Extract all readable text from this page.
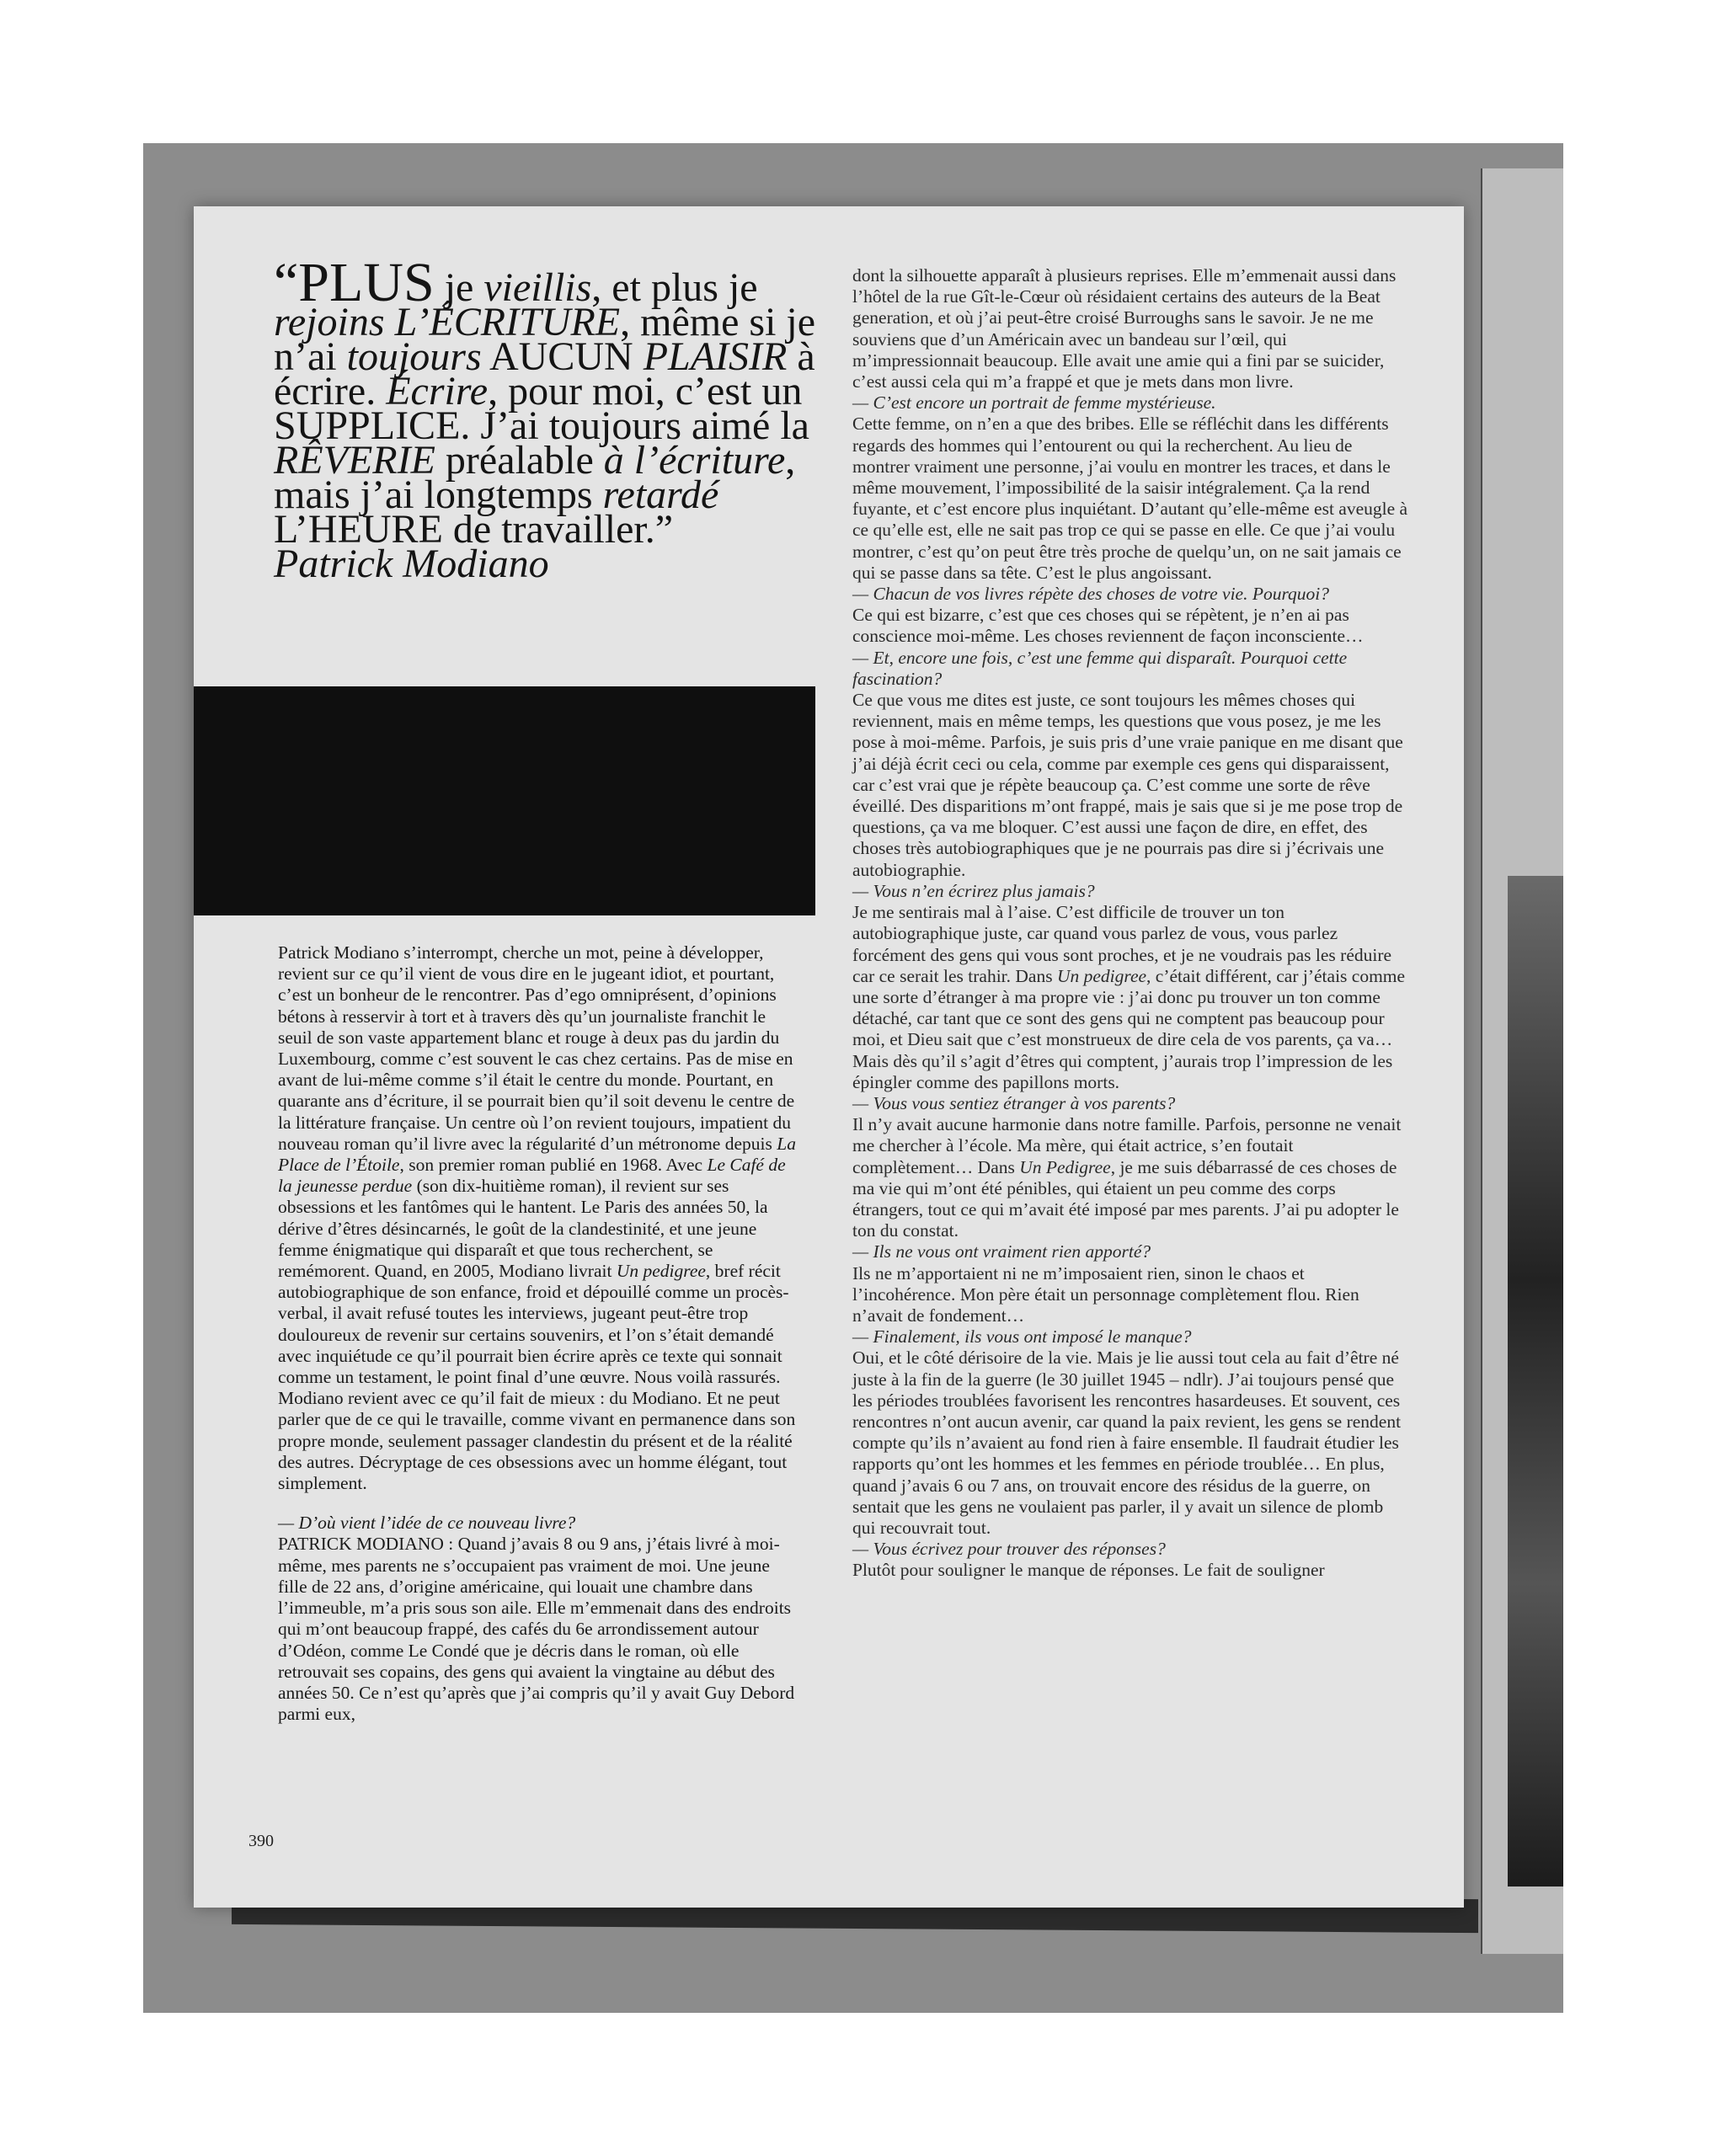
“PLUS je vieillis, et plus je rejoins L’ÉCRITURE, même si je n’ai toujours AUCUN PLAISIR à écrire. Écrire, pour moi, c’est un SUPPLICE. J’ai toujours aimé la RÊVERIE préalable à l’écriture, mais j’ai longtemps retardé L’HEURE de travailler.”
Patrick Modiano

Patrick Modiano s’interrompt, cherche un mot, peine à développer, revient sur ce qu’il vient de vous dire en le jugeant idiot, et pourtant, c’est un bonheur de le rencontrer. Pas d’ego omniprésent, d’opinions bétons à resservir à tort et à travers dès qu’un journaliste franchit le seuil de son vaste appartement blanc et rouge à deux pas du jardin du Luxembourg, comme c’est souvent le cas chez certains. Pas de mise en avant de lui-même comme s’il était le centre du monde. Pourtant, en quarante ans d’écriture, il se pourrait bien qu’il soit devenu le centre de la littérature française. Un centre où l’on revient toujours, impatient du nouveau roman qu’il livre avec la régularité d’un métronome depuis La Place de l’Étoile, son premier roman publié en 1968. Avec Le Café de la jeunesse perdue (son dix-huitième roman), il revient sur ses obsessions et les fantômes qui le hantent. Le Paris des années 50, la dérive d’êtres désincarnés, le goût de la clandestinité, et une jeune femme énigmatique qui disparaît et que tous recherchent, se remémorent. Quand, en 2005, Modiano livrait Un pedigree, bref récit autobiographique de son enfance, froid et dépouillé comme un procès-verbal, il avait refusé toutes les interviews, jugeant peut-être trop douloureux de revenir sur certains souvenirs, et l’on s’était demandé avec inquiétude ce qu’il pourrait bien écrire après ce texte qui sonnait comme un testament, le point final d’une œuvre. Nous voilà rassurés. Modiano revient avec ce qu’il fait de mieux : du Modiano. Et ne peut parler que de ce qui le travaille, comme vivant en permanence dans son propre monde, seulement passager clandestin du présent et de la réalité des autres. Décryptage de ces obsessions avec un homme élégant, tout simplement.

— D’où vient l’idée de ce nouveau livre?

PATRICK MODIANO : Quand j’avais 8 ou 9 ans, j’étais livré à moi-même, mes parents ne s’occupaient pas vraiment de moi. Une jeune fille de 22 ans, d’origine américaine, qui louait une chambre dans l’immeuble, m’a pris sous son aile. Elle m’emmenait dans des endroits qui m’ont beaucoup frappé, des cafés du 6e arrondissement autour d’Odéon, comme Le Condé que je décris dans le roman, où elle retrouvait ses copains, des gens qui avaient la vingtaine au début des années 50. Ce n’est qu’après que j’ai compris qu’il y avait Guy Debord parmi eux,

dont la silhouette apparaît à plusieurs reprises. Elle m’emmenait aussi dans l’hôtel de la rue Gît-le-Cœur où résidaient certains des auteurs de la Beat generation, et où j’ai peut-être croisé Burroughs sans le savoir. Je ne me souviens que d’un Américain avec un bandeau sur l’œil, qui m’impressionnait beaucoup. Elle avait une amie qui a fini par se suicider, c’est aussi cela qui m’a frappé et que je mets dans mon livre.

— C’est encore un portrait de femme mystérieuse.

Cette femme, on n’en a que des bribes. Elle se réfléchit dans les différents regards des hommes qui l’entourent ou qui la recherchent. Au lieu de montrer vraiment une personne, j’ai voulu en montrer les traces, et dans le même mouvement, l’impossibilité de la saisir intégralement. Ça la rend fuyante, et c’est encore plus inquiétant. D’autant qu’elle-même est aveugle à ce qu’elle est, elle ne sait pas trop ce qui se passe en elle. Ce que j’ai voulu montrer, c’est qu’on peut être très proche de quelqu’un, on ne sait jamais ce qui se passe dans sa tête. C’est le plus angoissant.

— Chacun de vos livres répète des choses de votre vie. Pourquoi?

Ce qui est bizarre, c’est que ces choses qui se répètent, je n’en ai pas conscience moi-même. Les choses reviennent de façon inconsciente…

— Et, encore une fois, c’est une femme qui disparaît. Pourquoi cette fascination?

Ce que vous me dites est juste, ce sont toujours les mêmes choses qui reviennent, mais en même temps, les questions que vous posez, je me les pose à moi-même. Parfois, je suis pris d’une vraie panique en me disant que j’ai déjà écrit ceci ou cela, comme par exemple ces gens qui disparaissent, car c’est vrai que je répète beaucoup ça. C’est comme une sorte de rêve éveillé. Des disparitions m’ont frappé, mais je sais que si je me pose trop de questions, ça va me bloquer. C’est aussi une façon de dire, en effet, des choses très autobiographiques que je ne pourrais pas dire si j’écrivais une autobiographie.

— Vous n’en écrirez plus jamais?

Je me sentirais mal à l’aise. C’est difficile de trouver un ton autobiographique juste, car quand vous parlez de vous, vous parlez forcément des gens qui vous sont proches, et je ne voudrais pas les réduire car ce serait les trahir. Dans Un pedigree, c’était différent, car j’étais comme une sorte d’étranger à ma propre vie : j’ai donc pu trouver un ton comme détaché, car tant que ce sont des gens qui ne comptent pas beaucoup pour moi, et Dieu sait que c’est monstrueux de dire cela de vos parents, ça va… Mais dès qu’il s’agit d’êtres qui comptent, j’aurais trop l’impression de les épingler comme des papillons morts.

— Vous vous sentiez étranger à vos parents?

Il n’y avait aucune harmonie dans notre famille. Parfois, personne ne venait me chercher à l’école. Ma mère, qui était actrice, s’en foutait complètement… Dans Un Pedigree, je me suis débarrassé de ces choses de ma vie qui m’ont été pénibles, qui étaient un peu comme des corps étrangers, tout ce qui m’avait été imposé par mes parents. J’ai pu adopter le ton du constat.

— Ils ne vous ont vraiment rien apporté?

Ils ne m’apportaient ni ne m’imposaient rien, sinon le chaos et l’incohérence. Mon père était un personnage complètement flou. Rien n’avait de fondement…

— Finalement, ils vous ont imposé le manque?

Oui, et le côté dérisoire de la vie. Mais je lie aussi tout cela au fait d’être né juste à la fin de la guerre (le 30 juillet 1945 – ndlr). J’ai toujours pensé que les périodes troublées favorisent les rencontres hasardeuses. Et souvent, ces rencontres n’ont aucun avenir, car quand la paix revient, les gens se rendent compte qu’ils n’avaient au fond rien à faire ensemble. Il faudrait étudier les rapports qu’ont les hommes et les femmes en période troublée… En plus, quand j’avais 6 ou 7 ans, on trouvait encore des résidus de la guerre, on sentait que les gens ne voulaient pas parler, il y avait un silence de plomb qui recouvrait tout.

— Vous écrivez pour trouver des réponses?

Plutôt pour souligner le manque de réponses. Le fait de souligner

390
